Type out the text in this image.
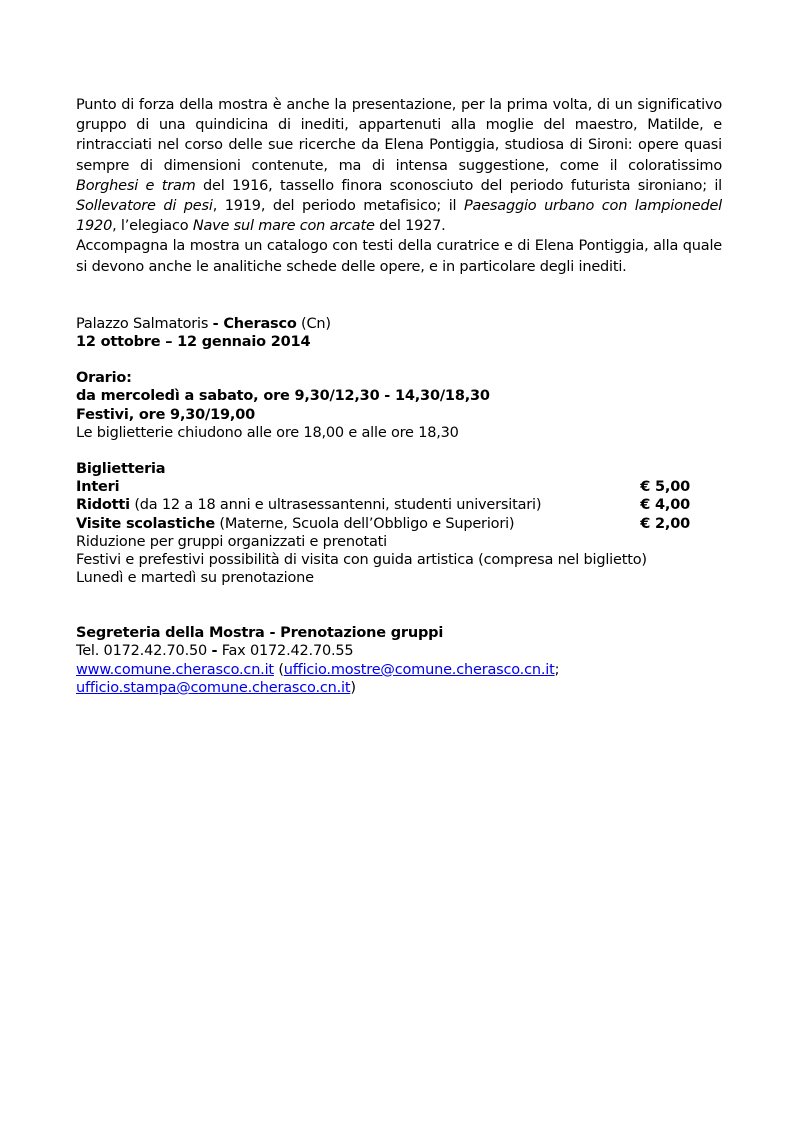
Punto di forza della mostra è anche la presentazione, per la prima volta, di un significativo gruppo di una quindicina di inediti, appartenuti alla moglie del maestro, Matilde, e rintracciati nel corso delle sue ricerche da Elena Pontiggia, studiosa di Sironi: opere quasi sempre di dimensioni contenute, ma di intensa suggestione, come il coloratissimo Borghesi e tram del 1916, tassello finora sconosciuto del periodo futurista sironiano; il Sollevatore di pesi, 1919, del periodo metafisico; il Paesaggio urbano con lampionedel 1920, l’elegiaco Nave sul mare con arcate del 1927.

Accompagna la mostra un catalogo con testi della curatrice e di Elena Pontiggia, alla quale si devono anche le analitiche schede delle opere, e in particolare degli inediti.

Palazzo Salmatoris - Cherasco (Cn)
12 ottobre – 12 gennaio 2014
Orario:
da mercoledì a sabato, ore 9,30/12,30 - 14,30/18,30
Festivi, ore 9,30/19,00
Le biglietterie chiudono alle ore 18,00 e alle ore 18,30
Biglietteria
Interi	€ 5,00
Ridotti (da 12 a 18 anni e ultrasessantenni, studenti universitari)	€ 4,00
Visite scolastiche (Materne, Scuola dell’Obbligo e Superiori)	€ 2,00
Riduzione per gruppi organizzati e prenotati
Festivi e prefestivi possibilità di visita con guida artistica (compresa nel biglietto)
Lunedì e martedì su prenotazione
Segreteria della Mostra - Prenotazione gruppi
Tel. 0172.42.70.50 - Fax 0172.42.70.55
www.comune.cherasco.cn.it (ufficio.mostre@comune.cherasco.cn.it;
ufficio.stampa@comune.cherasco.cn.it)
